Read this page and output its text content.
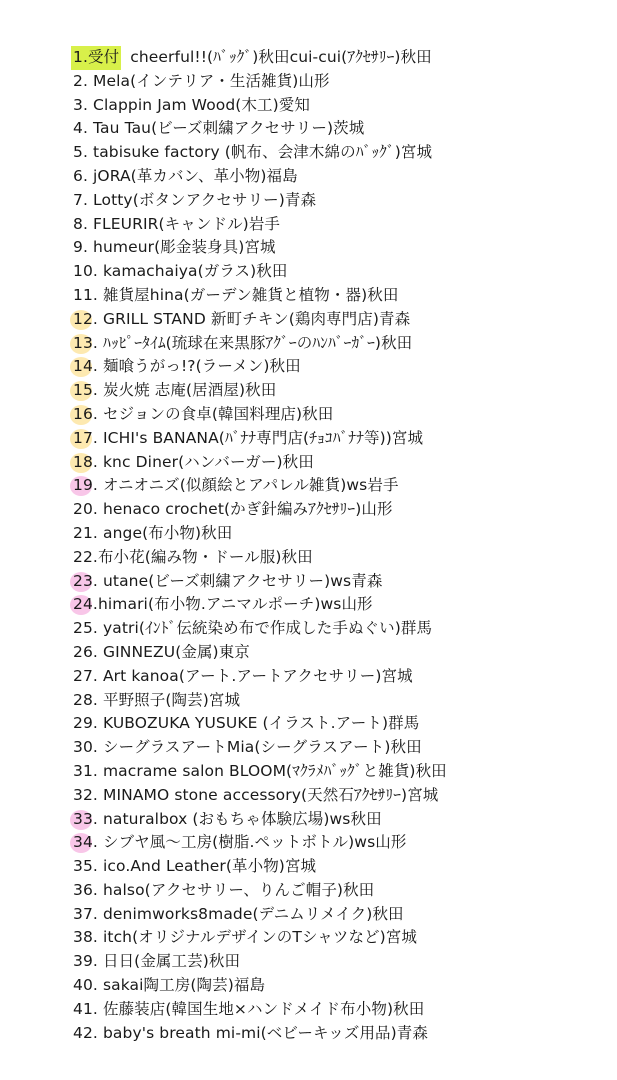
1.受付 cheerful!!(ﾊﾞｯｸﾞ)秋田cui-cui(ｱｸｾｻﾘｰ)秋田
2. Mela(インテリア・生活雑貨)山形
3. Clappin Jam Wood(木工)愛知
4. Tau Tau(ビーズ刺繍アクセサリー)茨城
5. tabisuke factory (帆布、会津木綿のﾊﾞｯｸﾞ)宮城
6. jORA(革カバン、革小物)福島
7. Lotty(ボタンアクセサリー)青森
8. FLEURIR(キャンドル)岩手
9. humeur(彫金装身具)宮城
10. kamachaiya(ガラス)秋田
11. 雑貨屋hina(ガーデン雑貨と植物・器)秋田
12. GRILL STAND 新町チキン(鶏肉専門店)青森
13. ﾊｯﾋﾟｰﾀｲﾑ(琉球在来黒豚ｱｸﾞｰのﾊﾝﾊﾞｰｶﾞｰ)秋田
14. 麺喰うがっ!?(ラーメン)秋田
15. 炭火焼 志庵(居酒屋)秋田
16. セジョンの食卓(韓国料理店)秋田
17. ICHI's BANANA(ﾊﾞﾅﾅ専門店(ﾁｮｺﾊﾞﾅﾅ等))宮城
18. knc Diner(ハンバーガー)秋田
19. オニオニズ(似顔絵とアパレル雑貨)ws岩手
20. henaco crochet(かぎ針編みｱｸｾｻﾘｰ)山形
21. ange(布小物)秋田
22.布小花(編み物・ドール服)秋田
23. utane(ビーズ刺繍アクセサリー)ws青森
24.himari(布小物.アニマルポーチ)ws山形
25. yatri(ｲﾝﾄﾞ伝統染め布で作成した手ぬぐい)群馬
26. GINNEZU(金属)東京
27. Art kanoa(アート.アートアクセサリー)宮城
28. 平野照子(陶芸)宮城
29. KUBOZUKA YUSUKE (イラスト.アート)群馬
30. シーグラスアートMia(シーグラスアート)秋田
31. macrame salon BLOOM(ﾏｸﾗﾒﾊﾞｯｸﾞと雑貨)秋田
32. MINAMO stone accessory(天然石ｱｸｾｻﾘｰ)宮城
33. naturalbox (おもちゃ体験広場)ws秋田
34. シブヤ風～工房(樹脂.ペットボトル)ws山形
35. ico.And Leather(革小物)宮城
36. halso(アクセサリー、りんご帽子)秋田
37. denimworks8made(デニムリメイク)秋田
38. itch(オリジナルデザインのTシャツなど)宮城
39. 日日(金属工芸)秋田
40. sakai陶工房(陶芸)福島
41. 佐藤装店(韓国生地×ハンドメイド布小物)秋田
42. baby's breath mi-mi(ベビーキッズ用品)青森
